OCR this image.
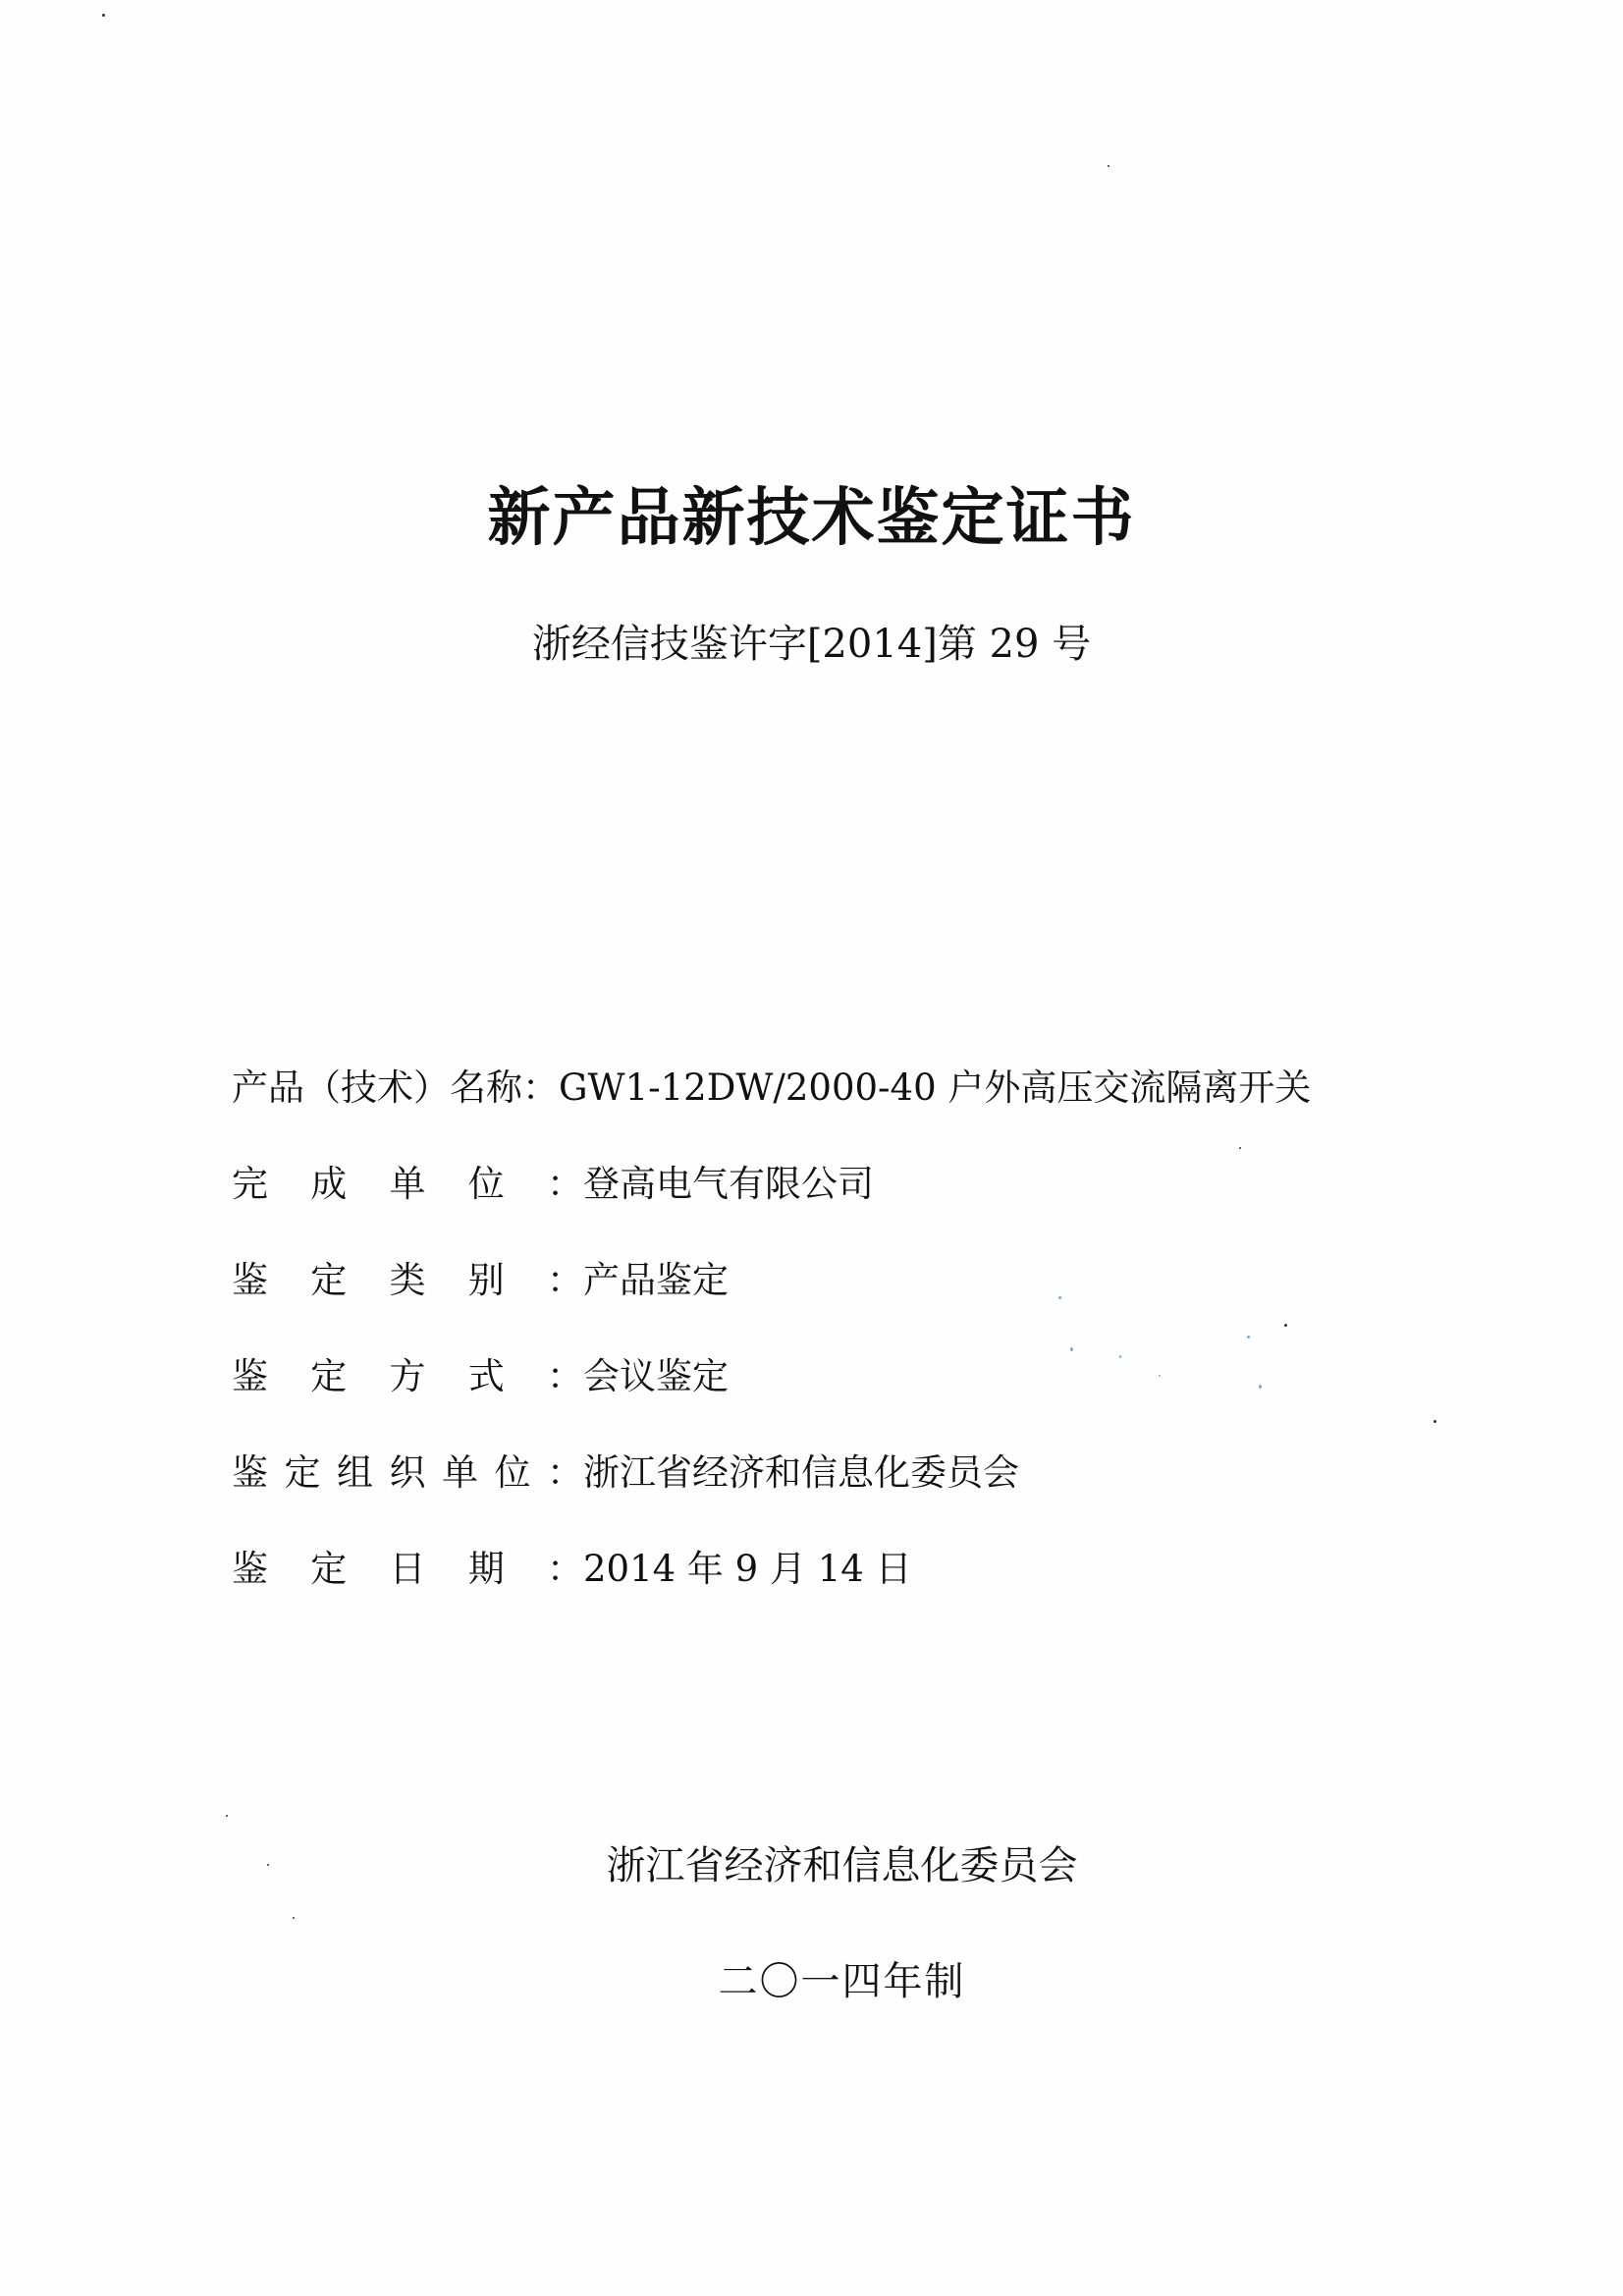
新产品新技术鉴定证书
浙经信技鉴许字[2014]第 29 号
产品（技术）名称： GW1-12DW/2000-40 户外高压交流隔离开关
完 成 单 位 ： 登高电气有限公司
鉴 定 类 别 ： 产品鉴定
鉴 定 方 式 ： 会议鉴定
鉴 定 组 织 单 位 ： 浙江省经济和信息化委员会
鉴 定 日 期 ： 2014 年 9 月 14 日
浙江省经济和信息化委员会
二〇一四年制
